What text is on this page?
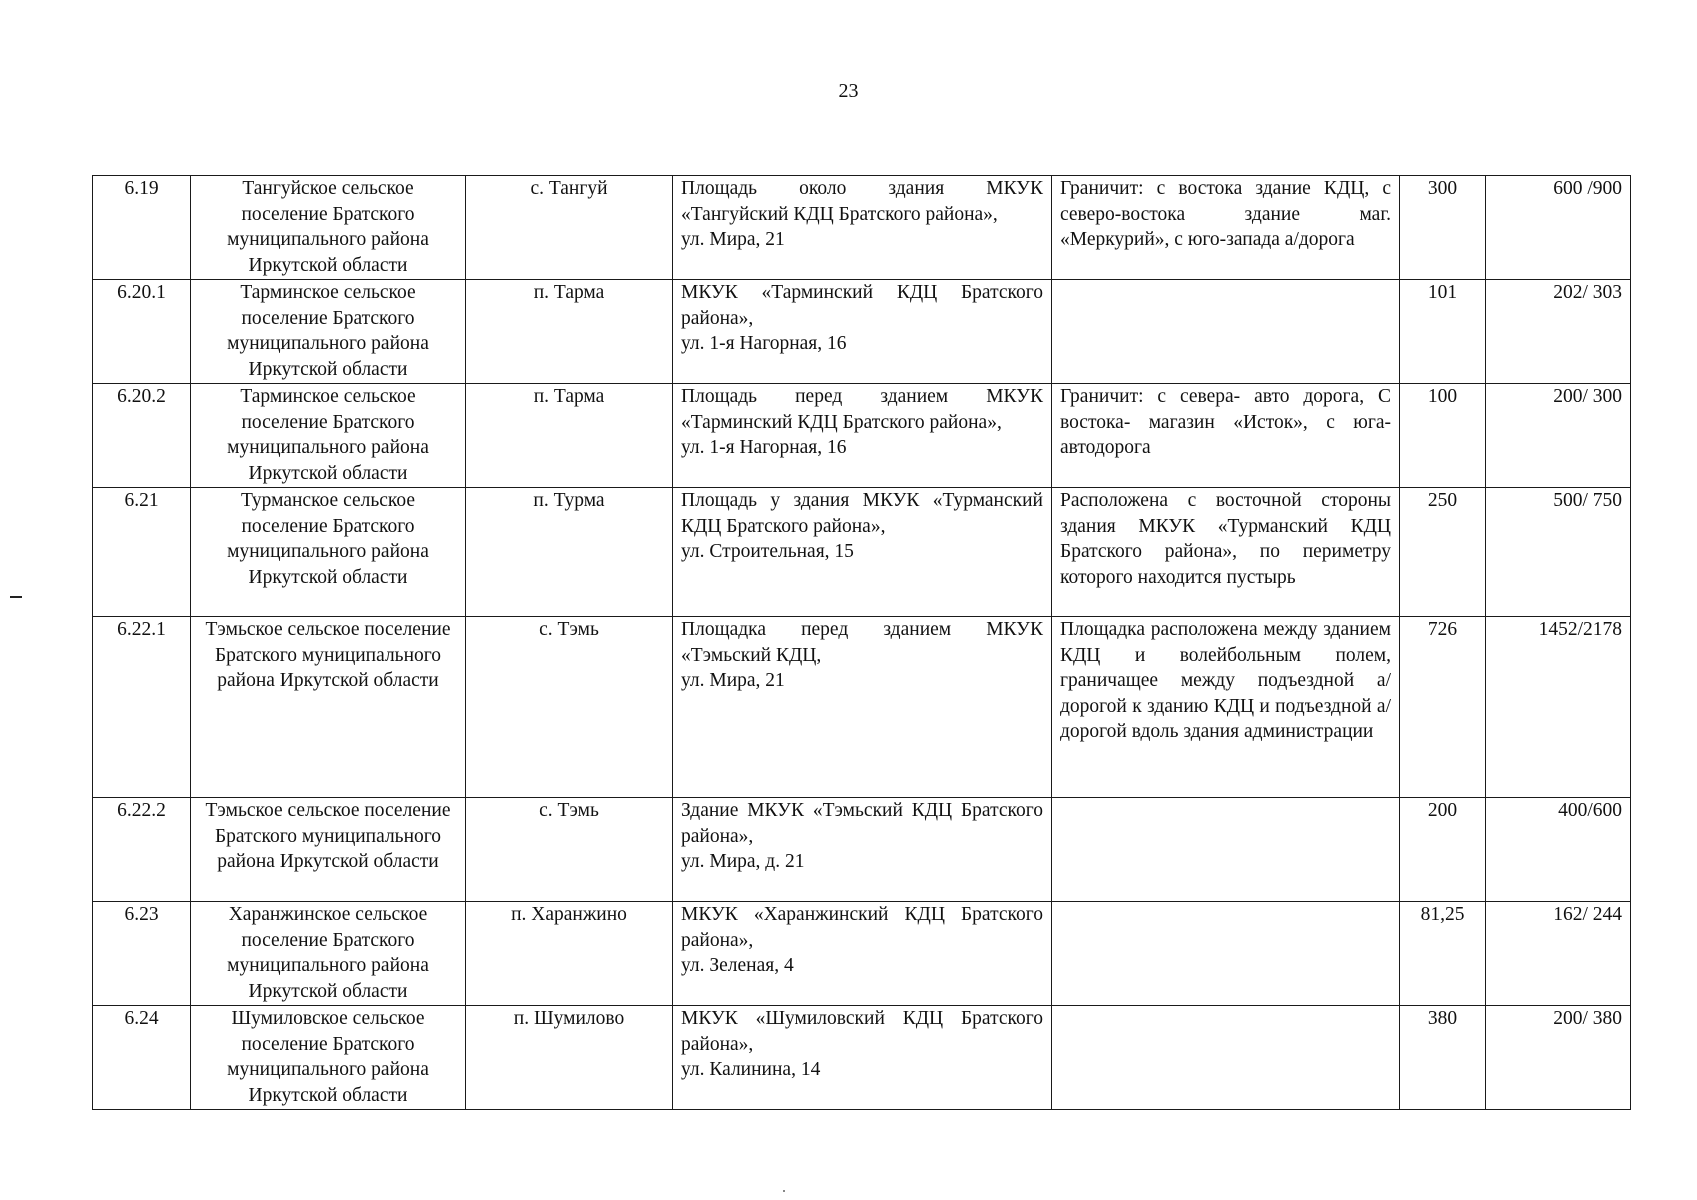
23
6.19	Тангуйское сельское поселение Братского муниципального района Иркутской области	с. Тангуй	Площадь около здания МКУК «Тангуйский КДЦ Братского района»,
ул. Мира, 21	Граничит: с востока здание КДЦ, с северо-востока здание маг. «Меркурий», с юго-запада а/дорога	300	600 /900
6.20.1	Тарминское сельское поселение Братского муниципального района Иркутской области	п. Тарма	МКУК «Тарминский КДЦ Братского района»,
ул. 1-я Нагорная, 16		101	202/ 303
6.20.2	Тарминское сельское поселение Братского муниципального района Иркутской области	п. Тарма	Площадь перед зданием МКУК «Тарминский КДЦ Братского района»,
ул. 1-я Нагорная, 16	Граничит: с севера- авто дорога, С востока- магазин «Исток», с юга- автодорога	100	200/ 300
6.21	Турманское сельское поселение Братского муниципального района Иркутской области	п. Турма	Площадь у здания МКУК «Турманский КДЦ Братского района»,
ул. Строительная, 15	Расположена с восточной стороны здания МКУК «Турманский КДЦ Братского района», по периметру которого находится пустырь	250	500/ 750
6.22.1	Тэмьское сельское поселение Братского муниципального района Иркутской области	с. Тэмь	Площадка перед зданием МКУК «Тэмьский КДЦ,
ул. Мира, 21	Площадка расположена между зданием КДЦ и волейбольным полем, граничащее между подъездной а/дорогой к зданию КДЦ и подъездной а/дорогой вдоль здания администрации	726	1452/2178
6.22.2	Тэмьское сельское поселение Братского муниципального района Иркутской области	с. Тэмь	Здание МКУК «Тэмьский КДЦ Братского района»,
ул. Мира, д. 21		200	400/600
6.23	Харанжинское сельское поселение Братского муниципального района Иркутской области	п. Харанжино	МКУК «Харанжинский КДЦ Братского района»,
ул. Зеленая, 4		81,25	162/ 244
6.24	Шумиловское сельское поселение Братского муниципального района Иркутской области	п. Шумилово	МКУК «Шумиловский КДЦ Братского района»,
ул. Калинина, 14		380	200/ 380
